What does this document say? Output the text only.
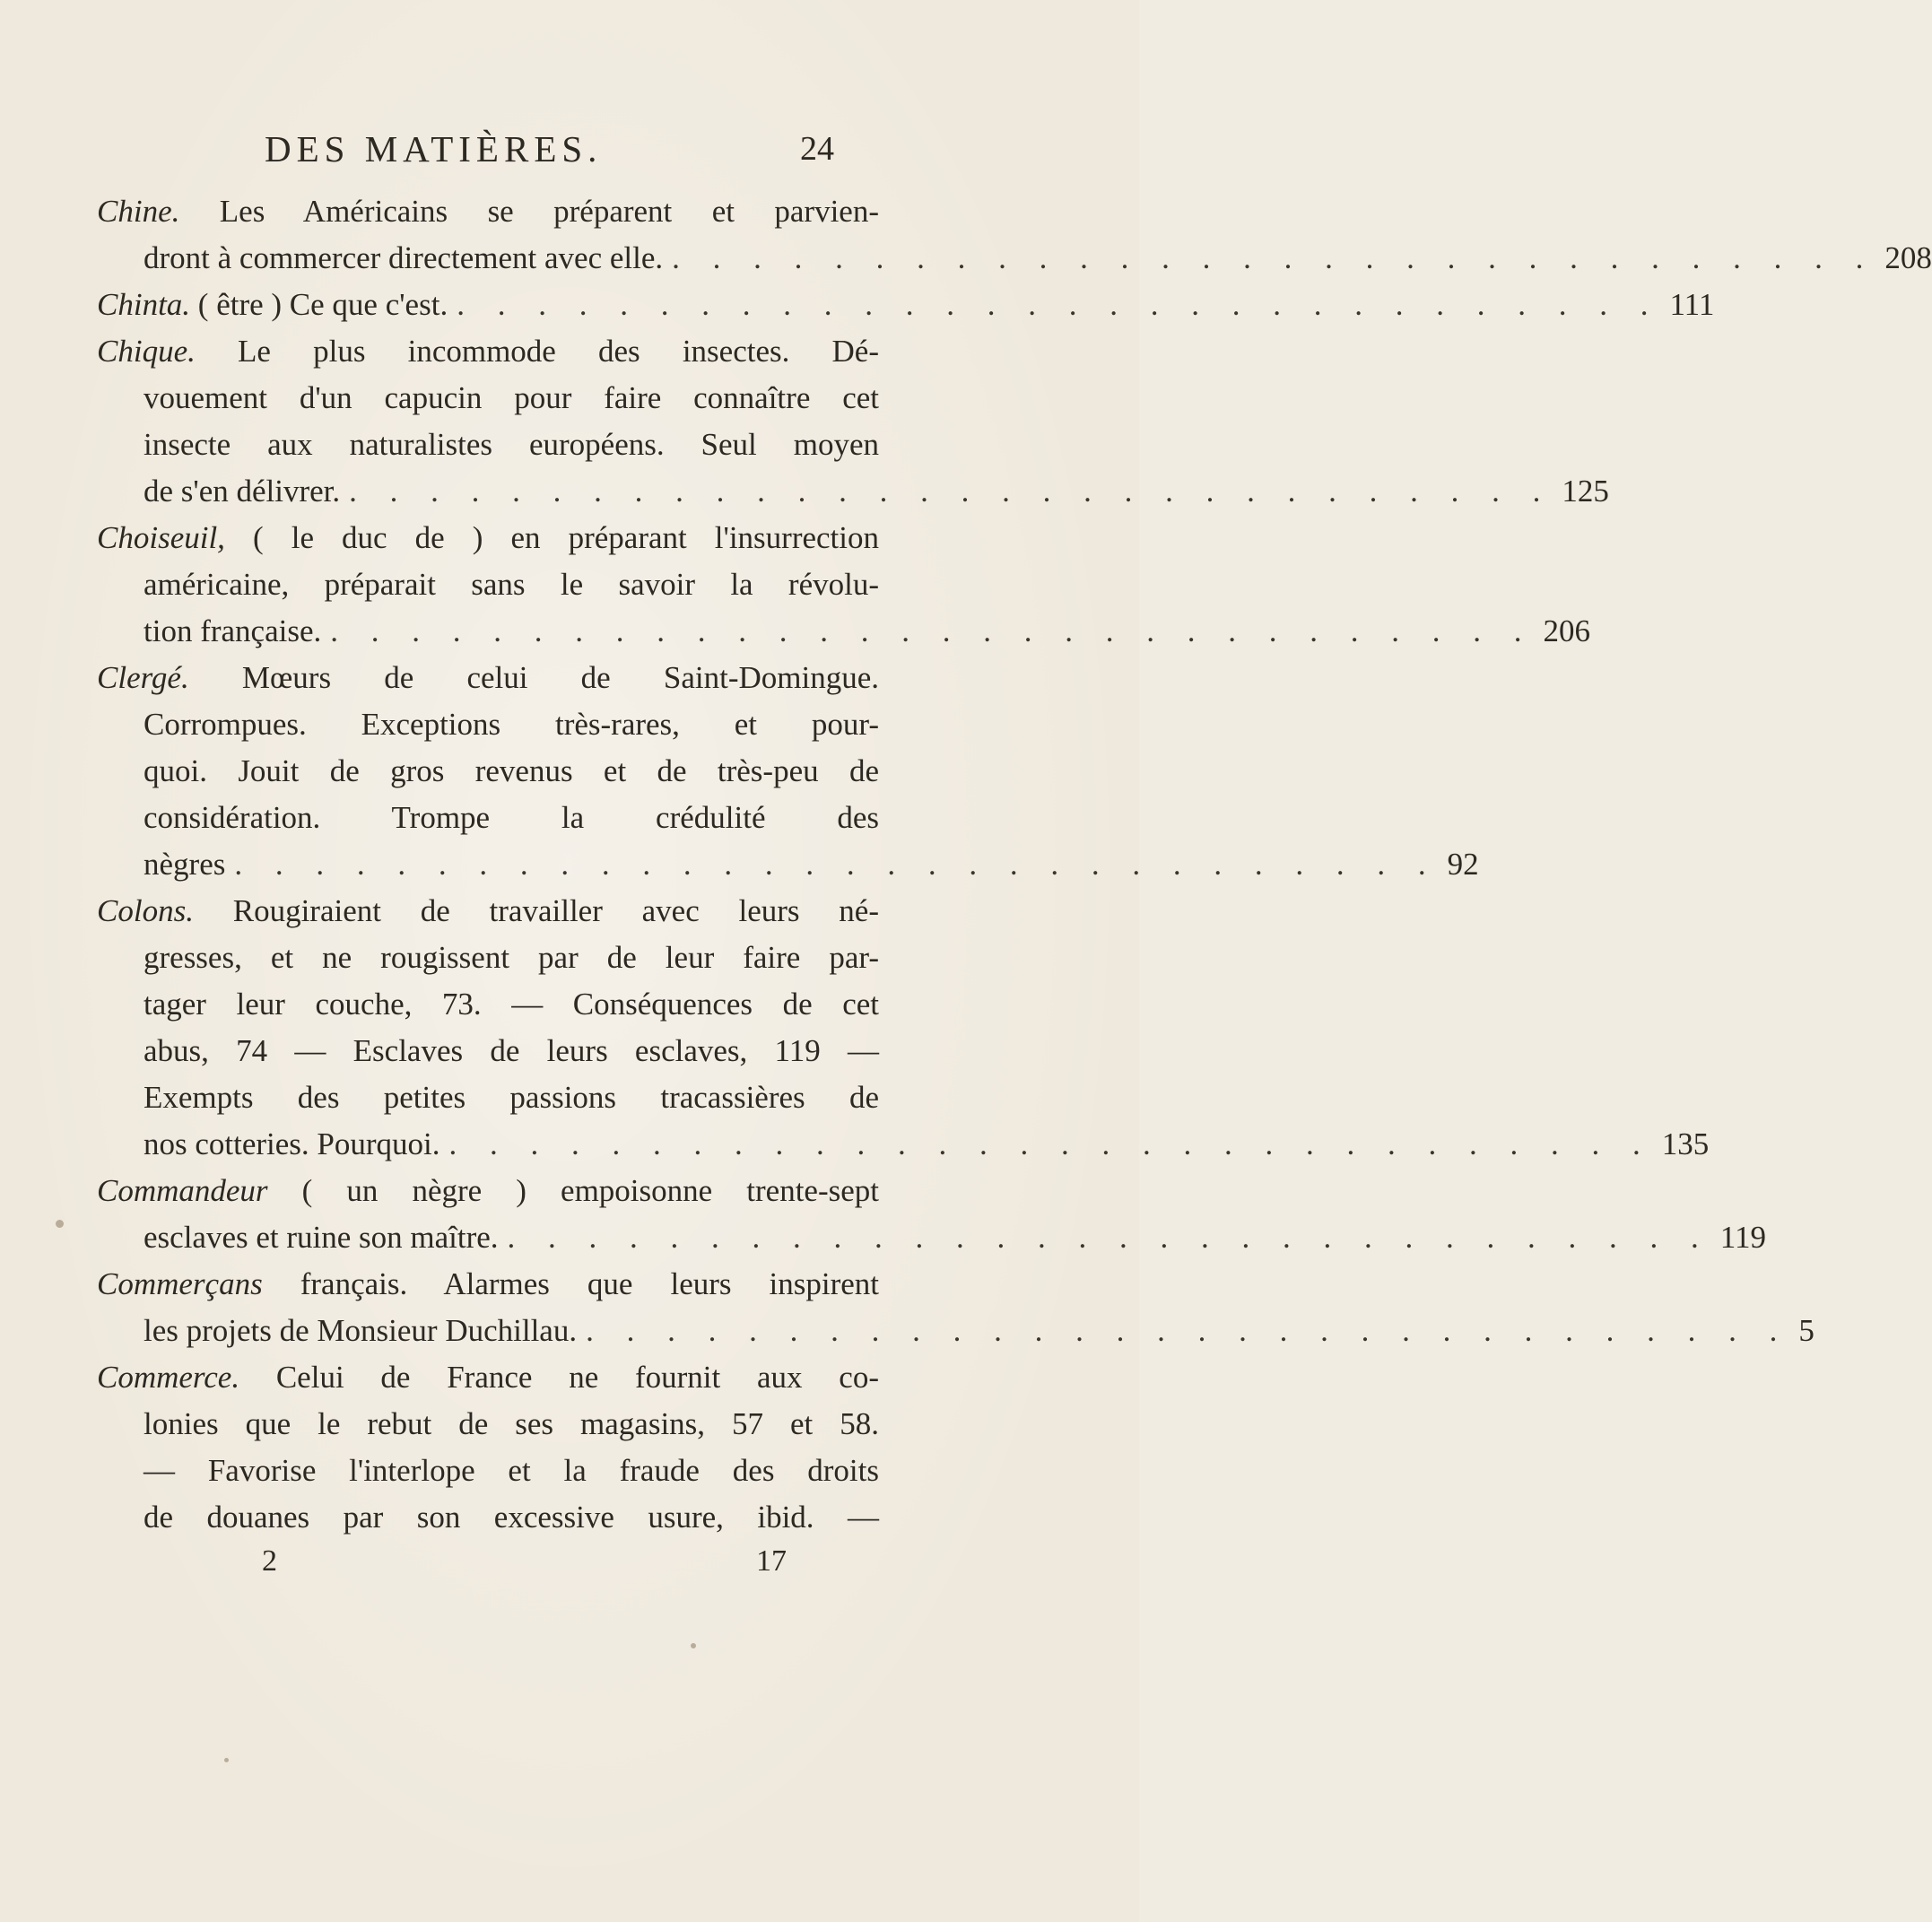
DES MATIÈRES.	24
Chine. Les Américains se préparent et parvien-
dront à commercer directement avec elle. . . . . . . . . . . . . . . . . . . . . . . . . . . . . . . 208
Chinta. ( être ) Ce que c'est. . . . . . . . . . . . . . . . . . . . . . . . . . . . . . . 111
Chique. Le plus incommode des insectes. Dé-
vouement d'un capucin pour faire connaître cet
insecte aux naturalistes européens. Seul moyen
de s'en délivrer. . . . . . . . . . . . . . . . . . . . . . . . . . . . . . . 125
Choiseuil, ( le duc de ) en préparant l'insurrection
américaine, préparait sans le savoir la révolu-
tion française. . . . . . . . . . . . . . . . . . . . . . . . . . . . . . . 206
Clergé. Mœurs de celui de Saint-Domingue.
Corrompues. Exceptions très-rares, et pour-
quoi. Jouit de gros revenus et de très-peu de
considération. Trompe la crédulité des
nègres . . . . . . . . . . . . . . . . . . . . . . . . . . . . . . 92
Colons. Rougiraient de travailler avec leurs né-
gresses, et ne rougissent par de leur faire par-
tager leur couche, 73. — Conséquences de cet
abus, 74 — Esclaves de leurs esclaves, 119 —
Exempts des petites passions tracassières de
nos cotteries. Pourquoi. . . . . . . . . . . . . . . . . . . . . . . . . . . . . . . 135
Commandeur ( un nègre ) empoisonne trente-sept
esclaves et ruine son maître. . . . . . . . . . . . . . . . . . . . . . . . . . . . . . . 119
Commerçans français. Alarmes que leurs inspirent
les projets de Monsieur Duchillau. . . . . . . . . . . . . . . . . . . . . . . . . . . . . . . 5
Commerce. Celui de France ne fournit aux co-
lonies que le rebut de ses magasins, 57 et 58.
— Favorise l'interlope et la fraude des droits
de douanes par son excessive usure, ibid. —
2	17
